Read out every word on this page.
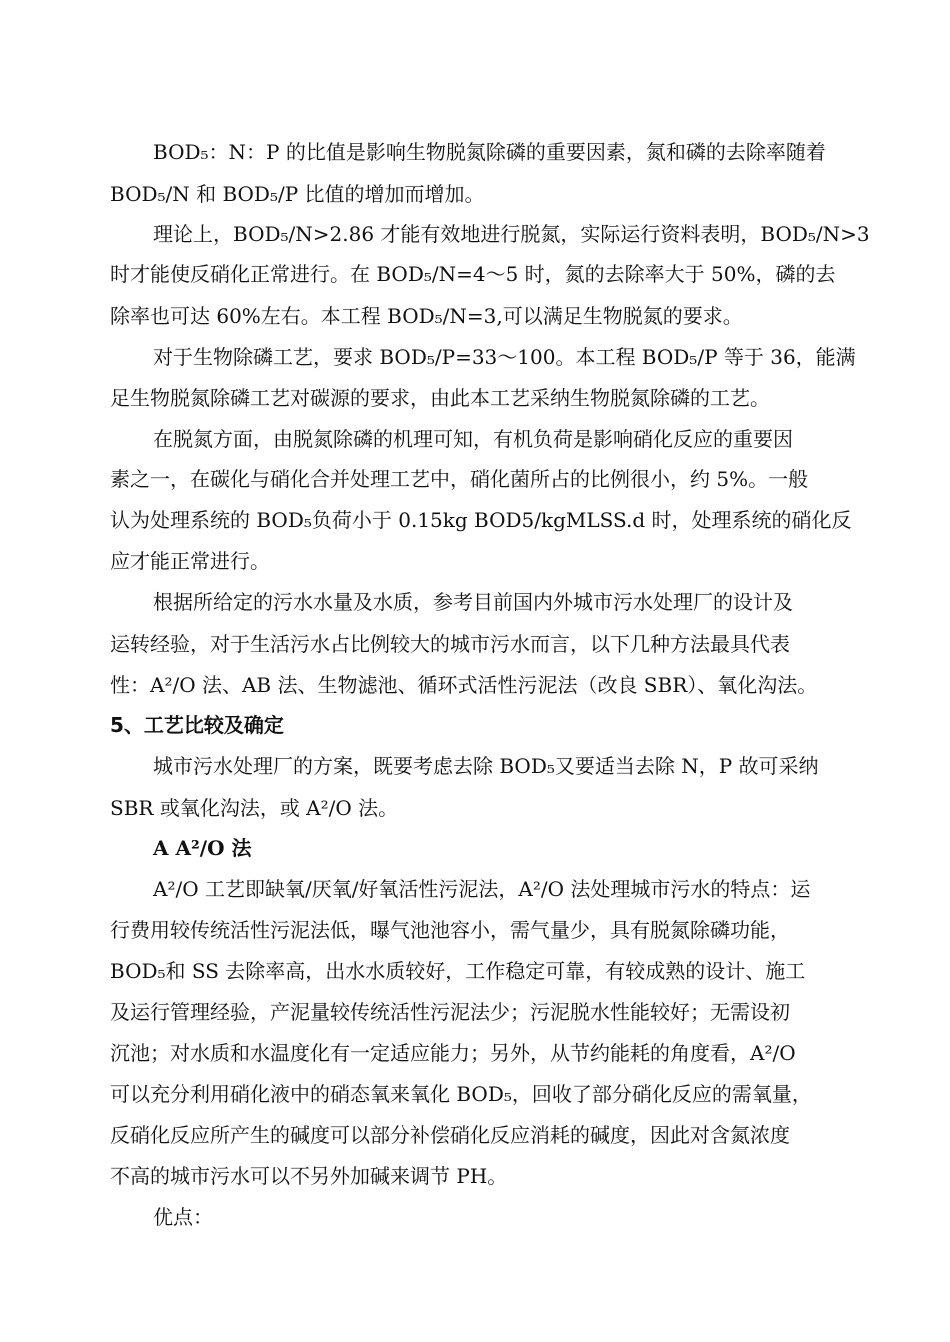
BOD₅：N：P 的比值是影响生物脱氮除磷的重要因素，氮和磷的去除率随着
BOD₅/N 和 BOD₅/P 比值的增加而增加。
理论上，BOD₅/N>2.86 才能有效地进行脱氮，实际运行资料表明，BOD₅/N>3
时才能使反硝化正常进行。在 BOD₅/N=4～5 时，氮的去除率大于 50%，磷的去
除率也可达 60%左右。本工程 BOD₅/N=3,可以满足生物脱氮的要求。
对于生物除磷工艺，要求 BOD₅/P=33～100。本工程 BOD₅/P 等于 36，能满
足生物脱氮除磷工艺对碳源的要求，由此本工艺采纳生物脱氮除磷的工艺。
在脱氮方面，由脱氮除磷的机理可知，有机负荷是影响硝化反应的重要因
素之一，在碳化与硝化合并处理工艺中，硝化菌所占的比例很小，约 5%。一般
认为处理系统的 BOD₅负荷小于 0.15kg BOD5/kgMLSS.d 时，处理系统的硝化反
应才能正常进行。
根据所给定的污水水量及水质，参考目前国内外城市污水处理厂的设计及
运转经验，对于生活污水占比例较大的城市污水而言，以下几种方法最具代表
性：A²/O 法、AB 法、生物滤池、循环式活性污泥法（改良 SBR）、氧化沟法。
5、工艺比较及确定
城市污水处理厂的方案，既要考虑去除 BOD₅又要适当去除 N，P 故可采纳
SBR 或氧化沟法，或 A²/O 法。
A A²/O 法
A²/O 工艺即缺氧/厌氧/好氧活性污泥法，A²/O 法处理城市污水的特点：运
行费用较传统活性污泥法低，曝气池池容小，需气量少，具有脱氮除磷功能，
BOD₅和 SS 去除率高，出水水质较好，工作稳定可靠，有较成熟的设计、施工
及运行管理经验，产泥量较传统活性污泥法少；污泥脱水性能较好；无需设初
沉池；对水质和水温度化有一定适应能力；另外，从节约能耗的角度看，A²/O
可以充分利用硝化液中的硝态氧来氧化 BOD₅，回收了部分硝化反应的需氧量，
反硝化反应所产生的碱度可以部分补偿硝化反应消耗的碱度，因此对含氮浓度
不高的城市污水可以不另外加碱来调节 PH。
优点：
